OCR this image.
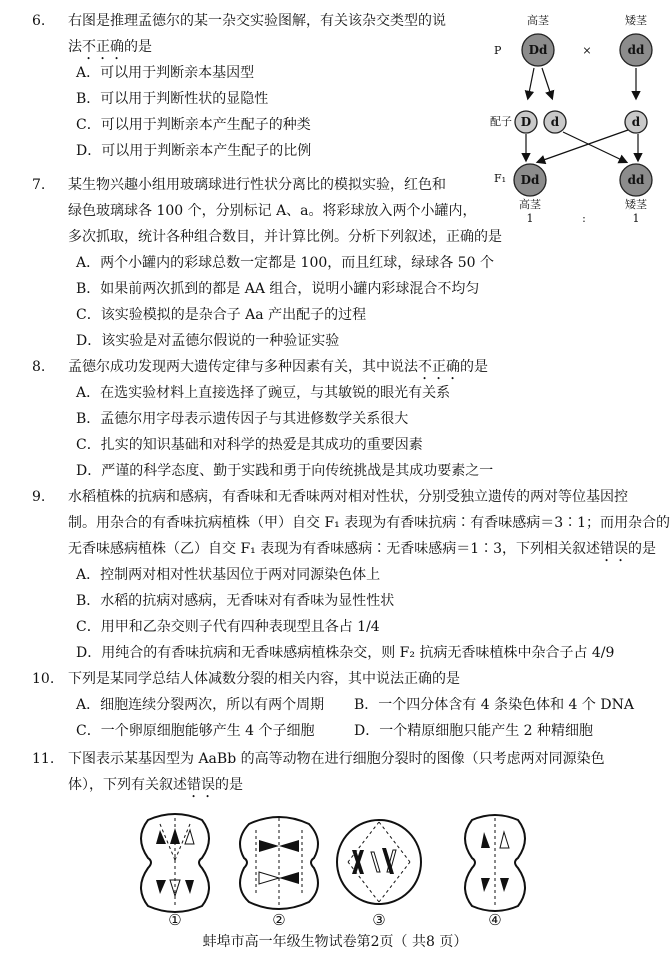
6. 右图是推理孟德尔的某一杂交实验图解，有关该杂交类型的说
法不正确的是
A．可以用于判断亲本基因型
B．可以用于判断性状的显隐性
C．可以用于判断亲本产生配子的种类
D．可以用于判断亲本产生配子的比例
高茎	矮茎
P Dd	×	dd
配子 D d	d
F₁ Dd	dd
高茎	矮茎
1	:	1
7. 某生物兴趣小组用玻璃球进行性状分离比的模拟实验，红色和
绿色玻璃球各 100 个，分别标记 A、a。将彩球放入两个小罐内，
多次抓取，统计各种组合数目，并计算比例。分析下列叙述，正确的是
A．两个小罐内的彩球总数一定都是 100，而且红球，绿球各 50 个
B．如果前两次抓到的都是 AA 组合，说明小罐内彩球混合不均匀
C．该实验模拟的是杂合子 Aa 产出配子的过程
D．该实验是对孟德尔假说的一种验证实验
8. 孟德尔成功发现两大遗传定律与多种因素有关，其中说法不正确的是
A．在选实验材料上直接选择了豌豆，与其敏锐的眼光有关系
B．孟德尔用字母表示遗传因子与其进修数学关系很大
C．扎实的知识基础和对科学的热爱是其成功的重要因素
D．严谨的科学态度、勤于实践和勇于向传统挑战是其成功要素之一
9. 水稻植株的抗病和感病，有香味和无香味两对相对性状，分别受独立遗传的两对等位基因控
制。用杂合的有香味抗病植株（甲）自交 F₁ 表现为有香味抗病∶有香味感病＝3∶1；而用杂合的
无香味感病植株（乙）自交 F₁ 表现为有香味感病∶无香味感病＝1∶3，下列相关叙述错误的是
A．控制两对相对性状基因位于两对同源染色体上
B．水稻的抗病对感病，无香味对有香味为显性性状
C．用甲和乙杂交则子代有四种表现型且各占 1/4
D．用纯合的有香味抗病和无香味感病植株杂交，则 F₂ 抗病无香味植株中杂合子占 4/9
10. 下列是某同学总结人体减数分裂的相关内容，其中说法正确的是
A．细胞连续分裂两次，所以有两个周期 B．一个四分体含有 4 条染色体和 4 个 DNA
C．一个卵原细胞能够产生 4 个子细胞	D．一个精原细胞只能产生 2 种精细胞
11. 下图表示某基因型为 AaBb 的高等动物在进行细胞分裂时的图像（只考虑两对同源染色
体），下列有关叙述错误的是
①	②	③	④
蚌埠市高一年级生物试卷第2页（ 共8 页）
